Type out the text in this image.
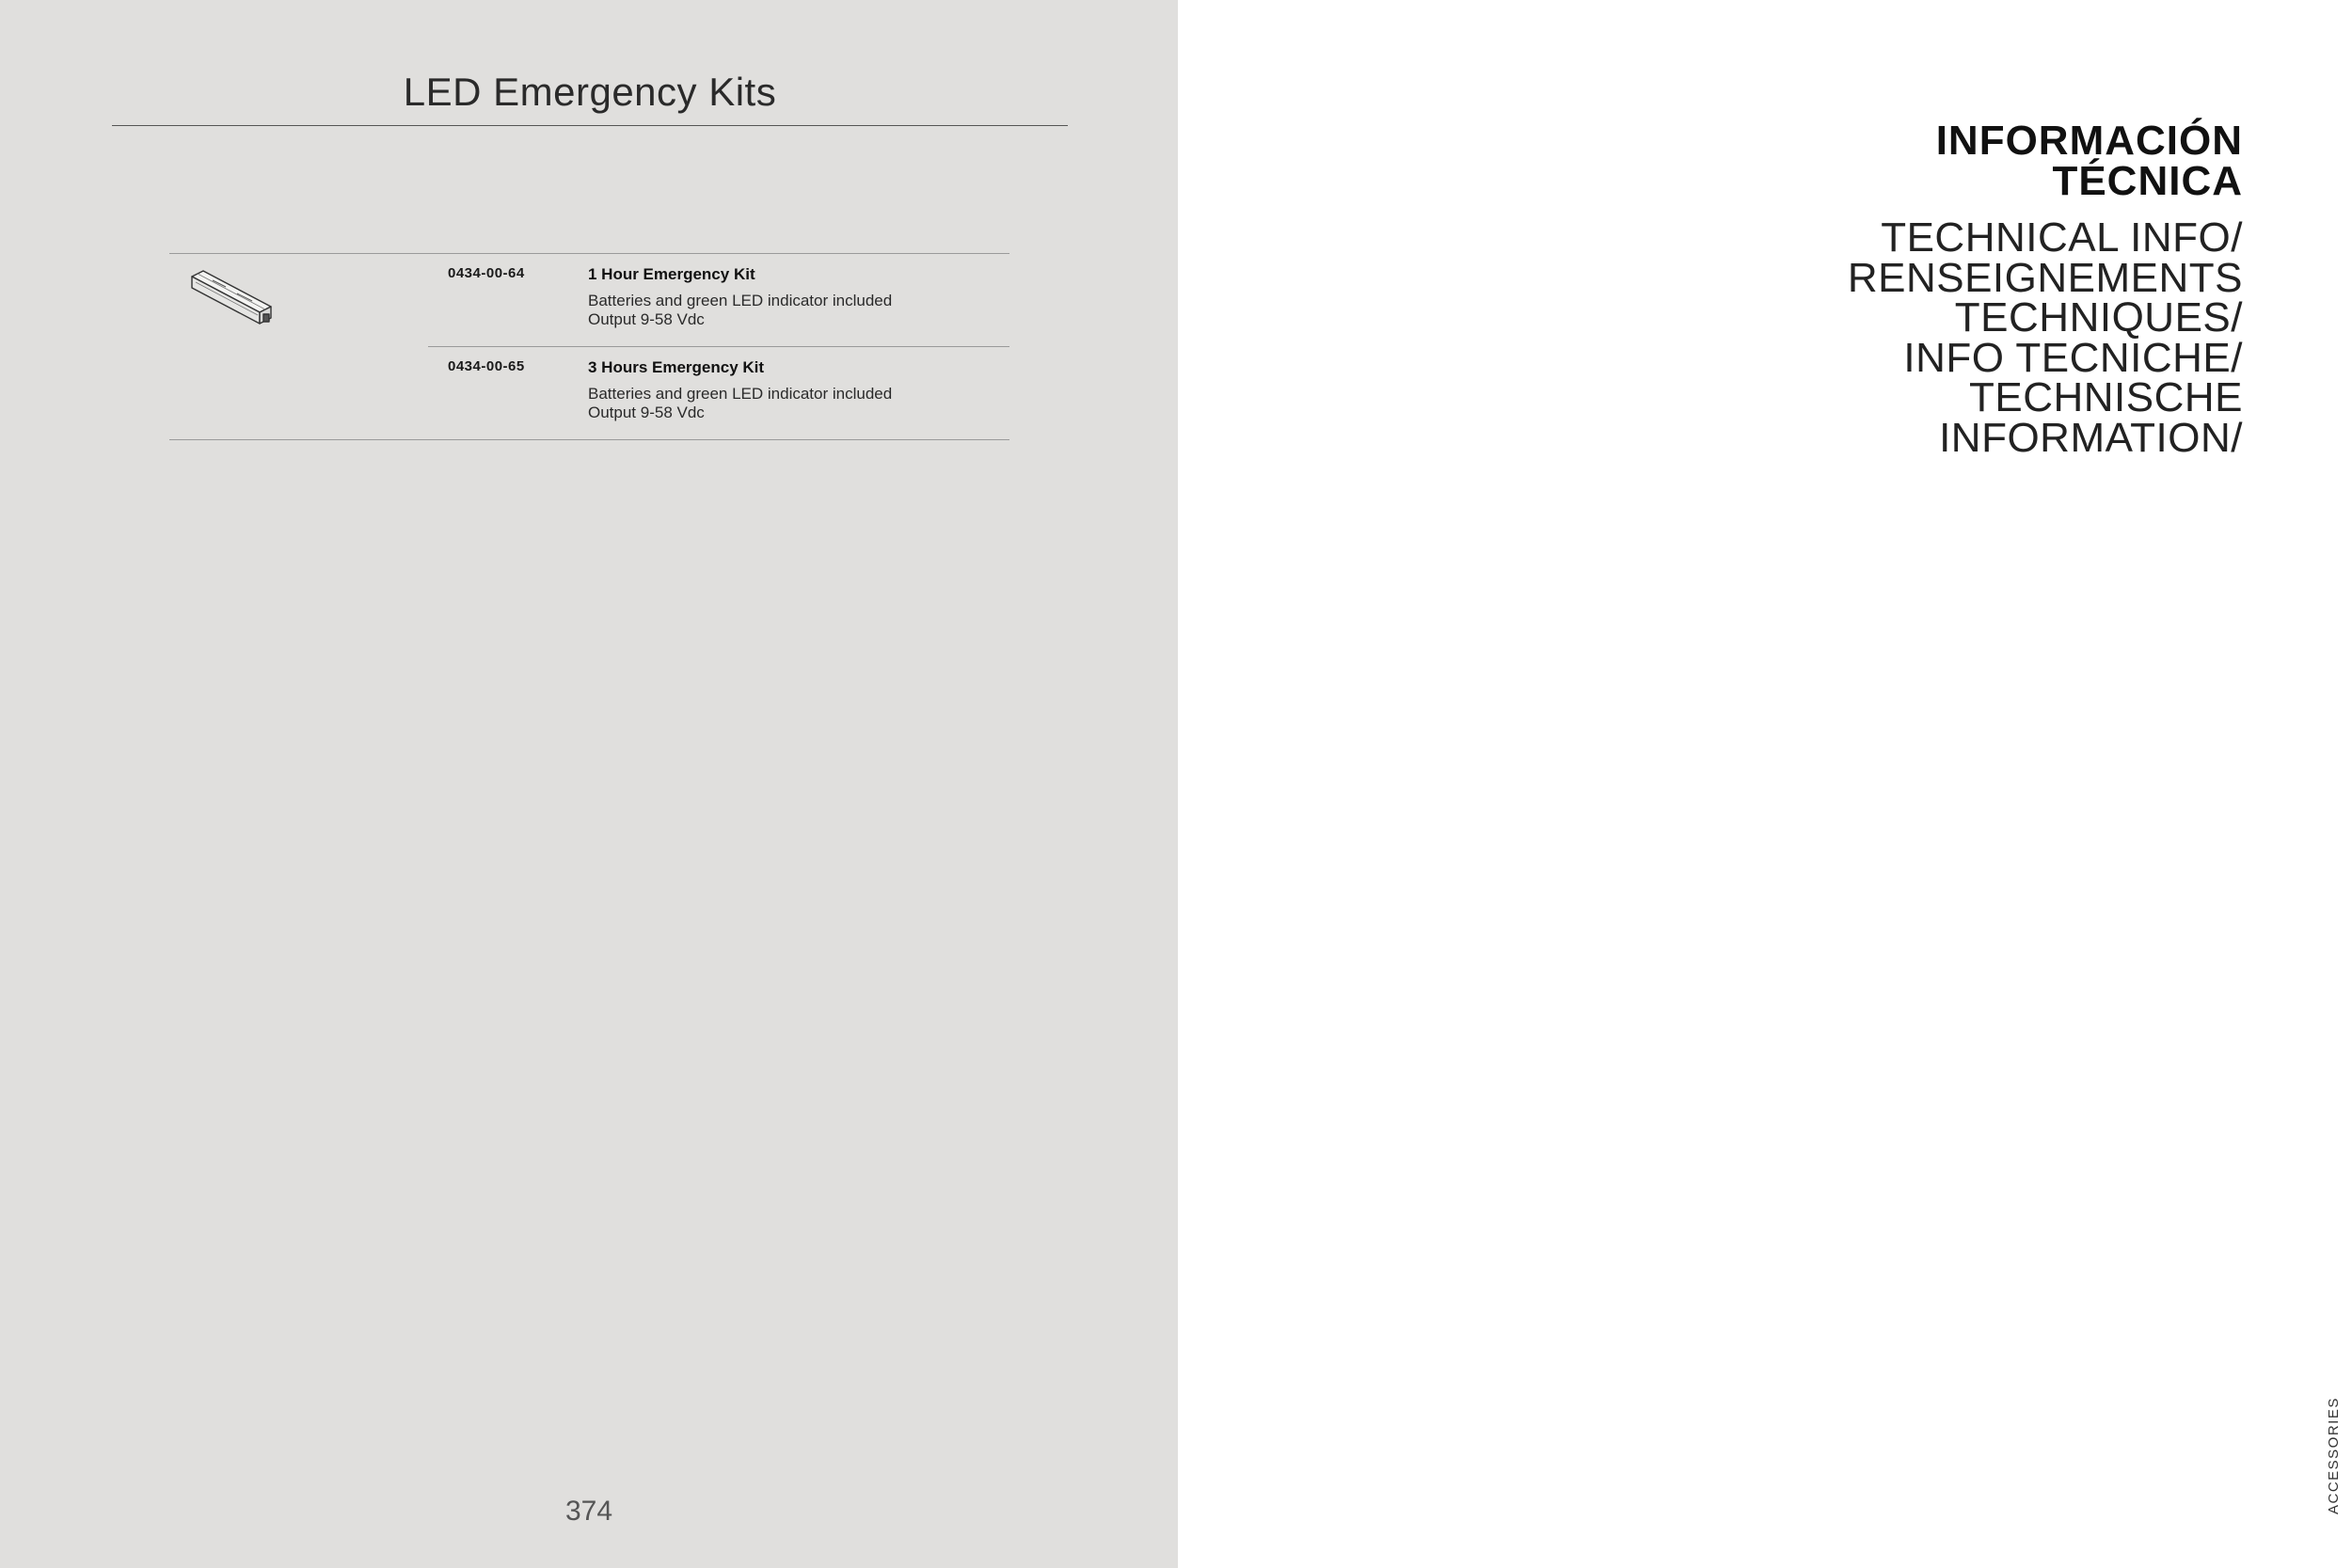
LED Emergency Kits
0434-00-64	1 Hour Emergency Kit
Batteries and green LED indicator included
Output 9-58 Vdc
0434-00-65	3 Hours Emergency Kit
Batteries and green LED indicator included
Output 9-58 Vdc
374
INFORMACIÓN
TÉCNICA
TECHNICAL INFO/
RENSEIGNEMENTS
TECHNIQUES/
INFO TECNICHE/
TECHNISCHE
INFORMATION/
ACCESSORIES
